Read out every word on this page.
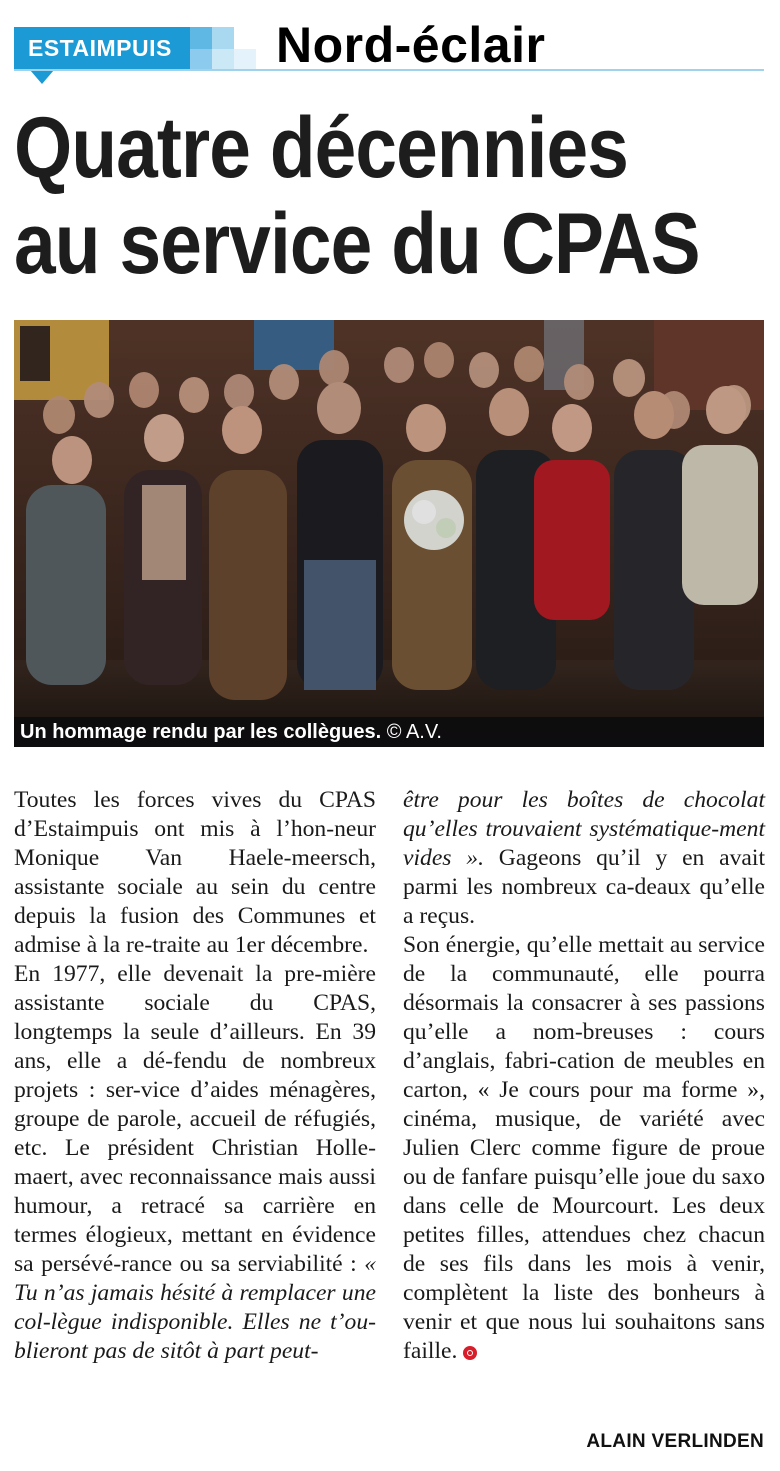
ESTAIMPUIS	Nord-éclair
Quatre décennies
au service du CPAS
Un hommage rendu par les collègues. © A.V.

Toutes les forces vives du CPAS d’Estaimpuis ont mis à l’hon-neur Monique Van Haele-meersch, assistante sociale au sein du centre depuis la fusion des Communes et admise à la re-traite au 1er décembre.

En 1977, elle devenait la pre-mière assistante sociale du CPAS, longtemps la seule d’ailleurs. En 39 ans, elle a dé-fendu de nombreux projets : ser-vice d’aides ménagères, groupe de parole, accueil de réfugiés, etc. Le président Christian Holle-maert, avec reconnaissance mais aussi humour, a retracé sa carrière en termes élogieux, mettant en évidence sa persévé-rance ou sa serviabilité : « Tu n’as jamais hésité à remplacer une col-lègue indisponible. Elles ne t’ou-blieront pas de sitôt à part peut-

être pour les boîtes de chocolat qu’elles trouvaient systématique-ment vides ». Gageons qu’il y en avait parmi les nombreux ca-deaux qu’elle a reçus.

Son énergie, qu’elle mettait au service de la communauté, elle pourra désormais la consacrer à ses passions qu’elle a nom-breuses : cours d’anglais, fabri-cation de meubles en carton, « Je cours pour ma forme », cinéma, musique, de variété avec Julien Clerc comme figure de proue ou de fanfare puisqu’elle joue du saxo dans celle de Mourcourt. Les deux petites filles, attendues chez chacun de ses fils dans les mois à venir, complètent la liste des bonheurs à venir et que nous lui souhaitons sans faille.

ALAIN VERLINDEN
